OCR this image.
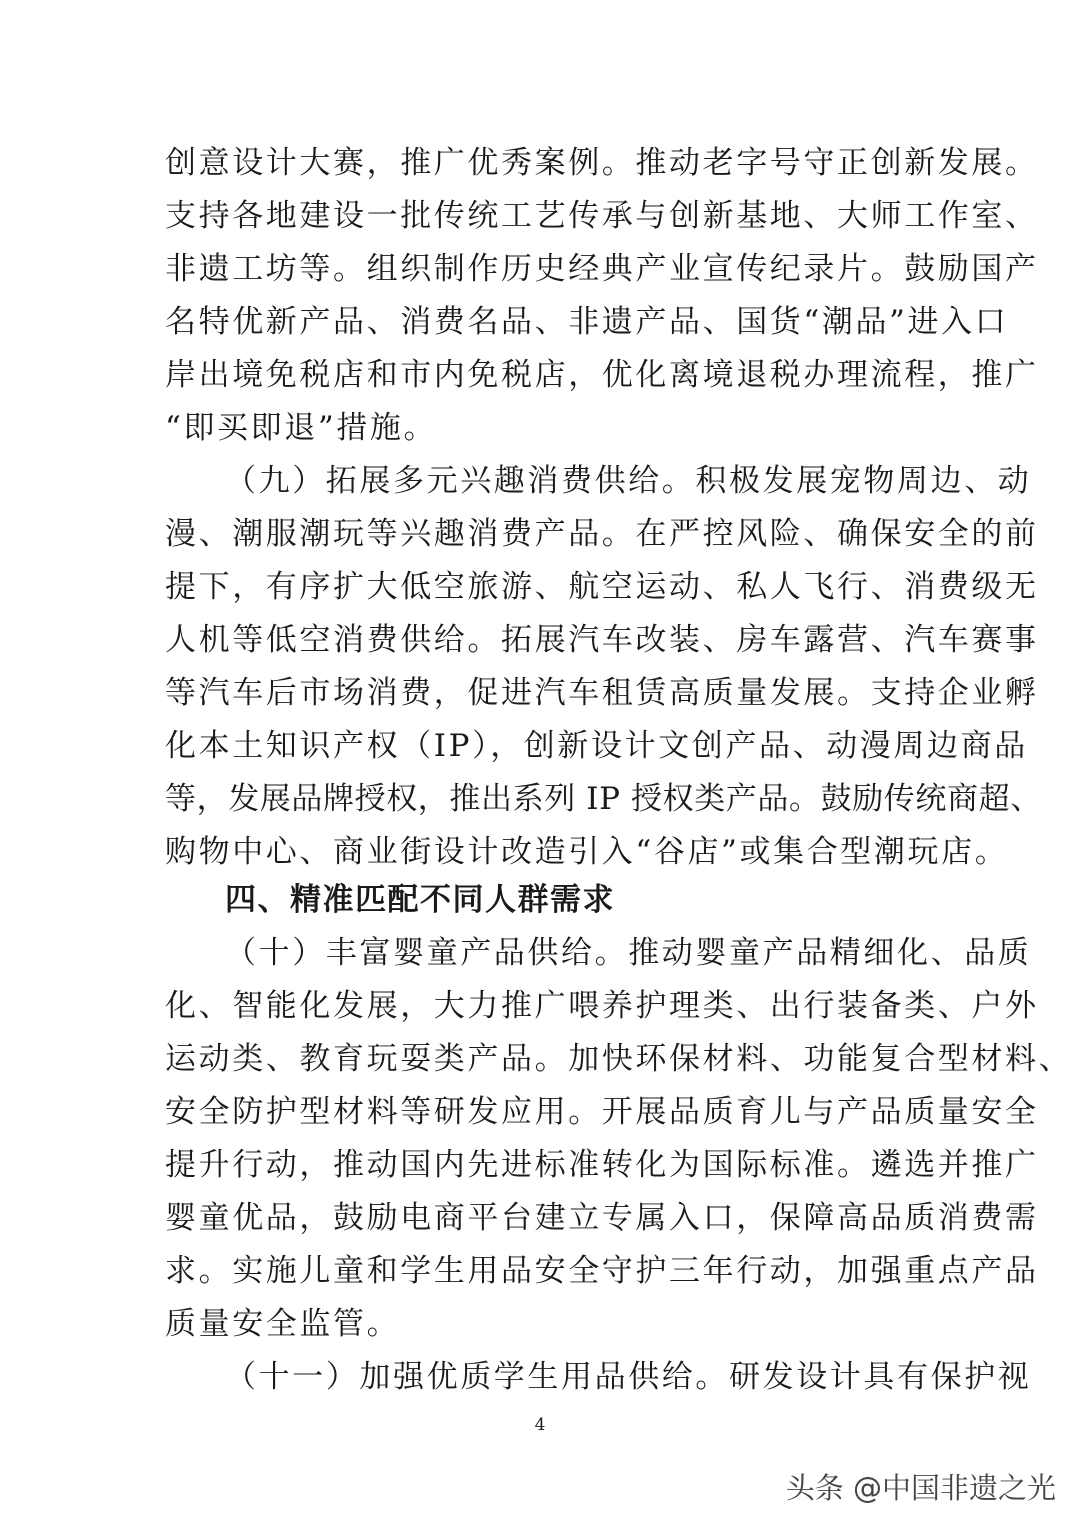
创意设计大赛，推广优秀案例。推动老字号守正创新发展。
支持各地建设一批传统工艺传承与创新基地、大师工作室、
非遗工坊等。组织制作历史经典产业宣传纪录片。鼓励国产
名特优新产品、消费名品、非遗产品、国货“潮品”进入口
岸出境免税店和市内免税店，优化离境退税办理流程，推广
“即买即退”措施。
（九）拓展多元兴趣消费供给。积极发展宠物周边、动
漫、潮服潮玩等兴趣消费产品。在严控风险、确保安全的前
提下，有序扩大低空旅游、航空运动、私人飞行、消费级无
人机等低空消费供给。拓展汽车改装、房车露营、汽车赛事
等汽车后市场消费，促进汽车租赁高质量发展。支持企业孵
化本土知识产权（IP），创新设计文创产品、动漫周边商品
等，发展品牌授权，推出系列 IP 授权类产品。鼓励传统商超、
购物中心、商业街设计改造引入“谷店”或集合型潮玩店。
四、精准匹配不同人群需求
（十）丰富婴童产品供给。推动婴童产品精细化、品质
化、智能化发展，大力推广喂养护理类、出行装备类、户外
运动类、教育玩耍类产品。加快环保材料、功能复合型材料、
安全防护型材料等研发应用。开展品质育儿与产品质量安全
提升行动，推动国内先进标准转化为国际标准。遴选并推广
婴童优品，鼓励电商平台建立专属入口，保障高品质消费需
求。实施儿童和学生用品安全守护三年行动，加强重点产品
质量安全监管。
（十一）加强优质学生用品供给。研发设计具有保护视
4
头条 @中国非遗之光
